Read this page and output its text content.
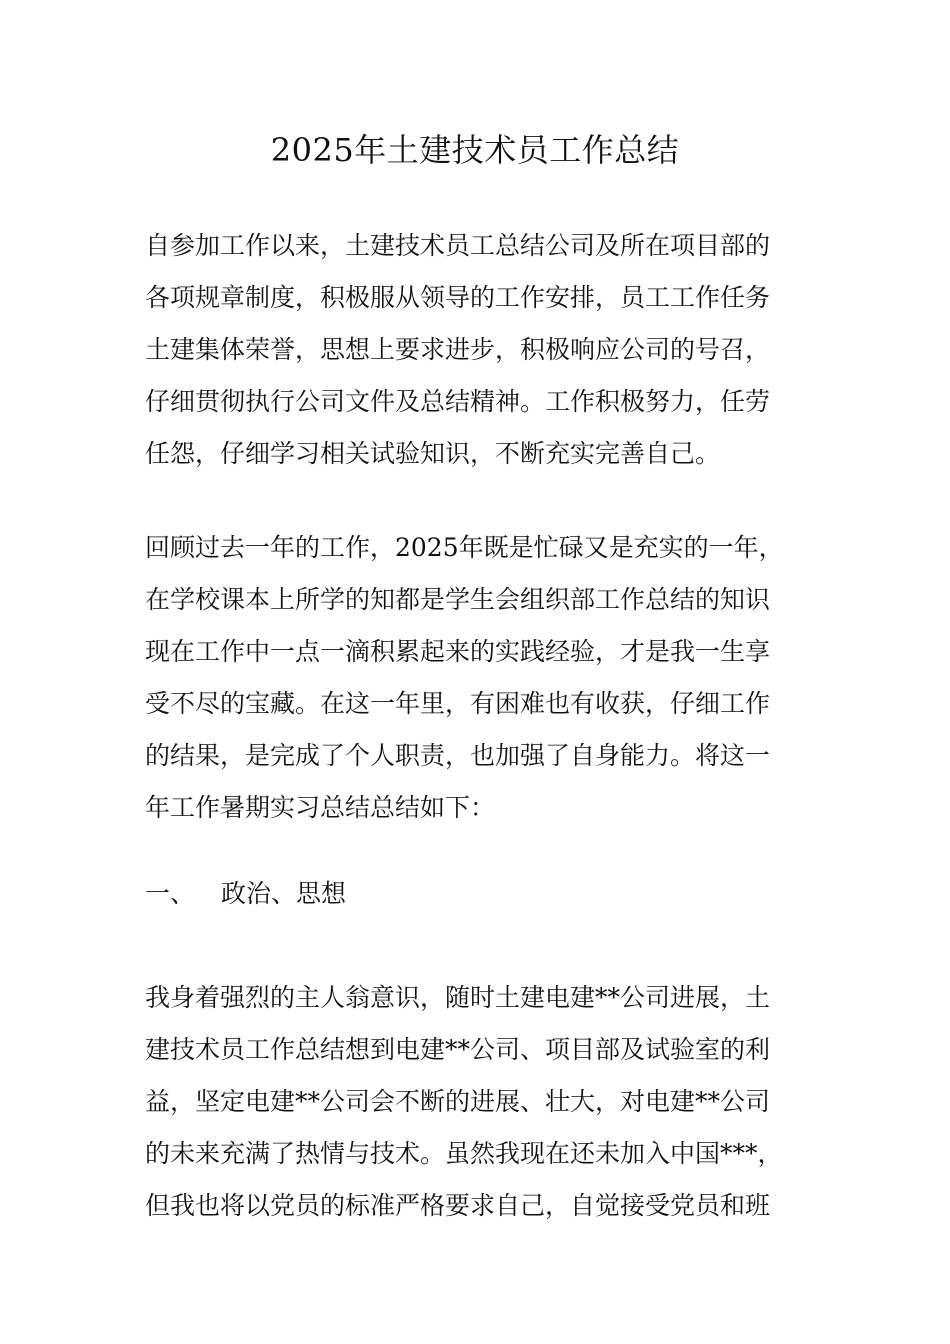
2025年土建技术员工作总结
自参加工作以来，土建技术员工总结公司及所在项目部的
各项规章制度，积极服从领导的工作安排，员工工作任务
土建集体荣誉，思想上要求进步，积极响应公司的号召，
仔细贯彻执行公司文件及总结精神。工作积极努力，任劳
任怨，仔细学习相关试验知识，不断充实完善自己。
回顾过去一年的工作，2025年既是忙碌又是充实的一年，
在学校课本上所学的知都是学生会组织部工作总结的知识
现在工作中一点一滴积累起来的实践经验，才是我一生享
受不尽的宝藏。在这一年里，有困难也有收获，仔细工作
的结果，是完成了个人职责，也加强了自身能力。将这一
年工作暑期实习总结总结如下：
一、 政治、思想
我身着强烈的主人翁意识，随时土建电建**公司进展，土
建技术员工作总结想到电建**公司、项目部及试验室的利
益，坚定电建**公司会不断的进展、壮大，对电建**公司
的未来充满了热情与技术。虽然我现在还未加入中国***，
但我也将以党员的标准严格要求自己，自觉接受党员和班
